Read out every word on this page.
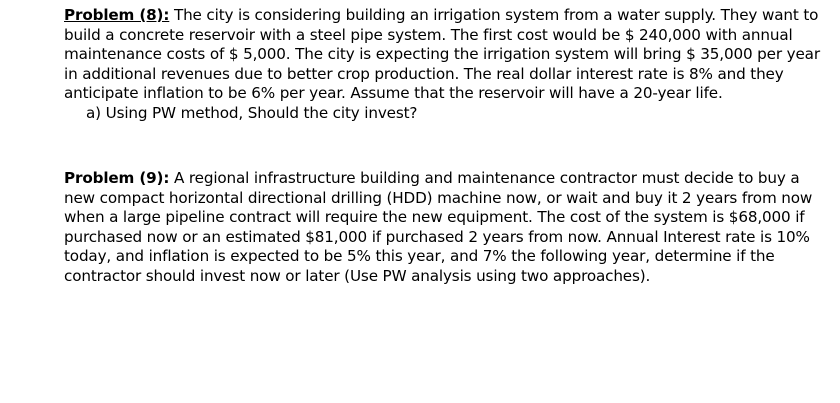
Problem (8): The city is considering building an irrigation system from a water supply. They want to build a concrete reservoir with a steel pipe system. The first cost would be $ 240,000 with annual maintenance costs of $ 5,000. The city is expecting the irrigation system will bring $ 35,000 per year in additional revenues due to better crop production. The real dollar interest rate is 8% and they anticipate inflation to be 6% per year. Assume that the reservoir will have a 20-year life.
a) Using PW method, Should the city invest?
Problem (9): A regional infrastructure building and maintenance contractor must decide to buy a new compact horizontal directional drilling (HDD) machine now, or wait and buy it 2 years from now when a large pipeline contract will require the new equipment. The cost of the system is $68,000 if purchased now or an estimated $81,000 if purchased 2 years from now. Annual Interest rate is 10% today, and inflation is expected to be 5% this year, and 7% the following year, determine if the contractor should invest now or later (Use PW analysis using two approaches).
